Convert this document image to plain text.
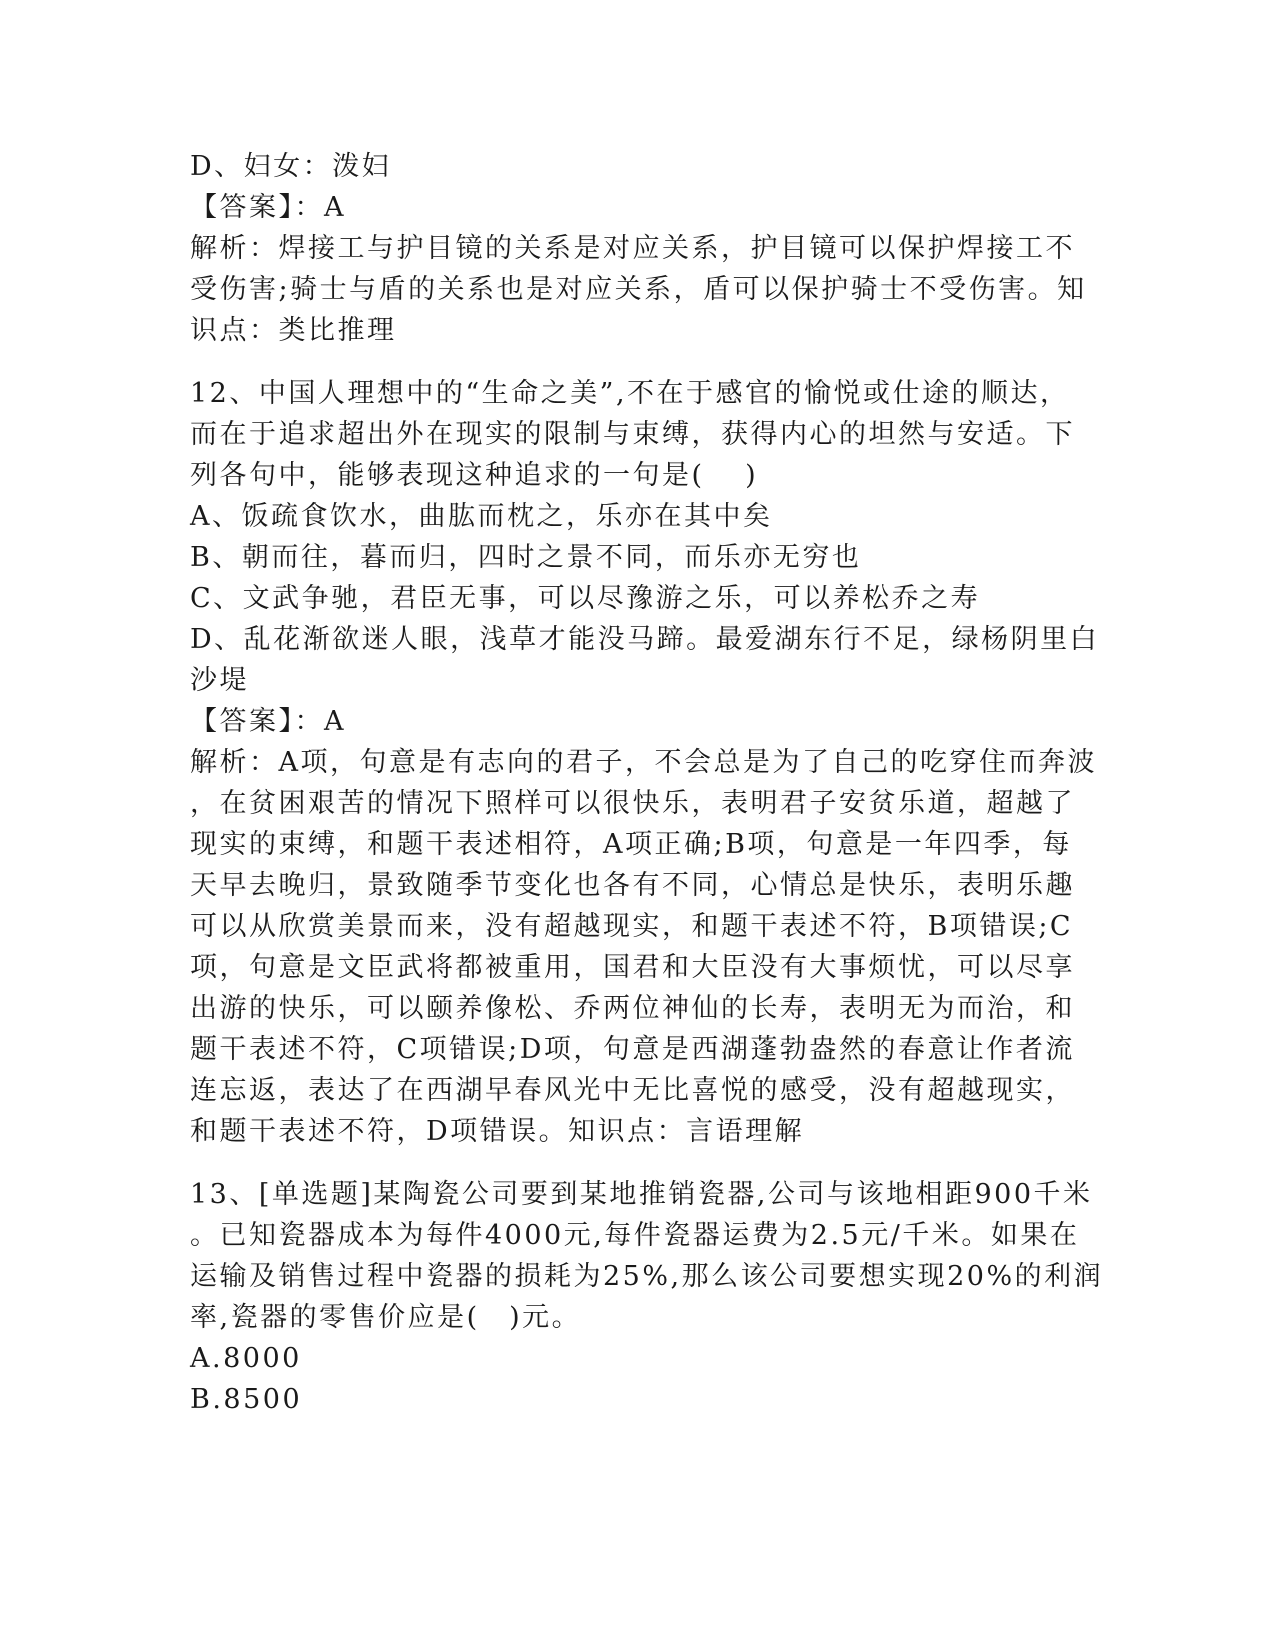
D、妇女：泼妇
【答案】：A
解析：焊接工与护目镜的关系是对应关系，护目镜可以保护焊接工不
受伤害;骑士与盾的关系也是对应关系，盾可以保护骑士不受伤害。知
识点：类比推理
12、中国人理想中的“生命之美”,不在于感官的愉悦或仕途的顺达，
而在于追求超出外在现实的限制与束缚，获得内心的坦然与安适。下
列各句中，能够表现这种追求的一句是(　 )
A、饭疏食饮水，曲肱而枕之，乐亦在其中矣
B、朝而往，暮而归，四时之景不同，而乐亦无穷也
C、文武争驰，君臣无事，可以尽豫游之乐，可以养松乔之寿
D、乱花渐欲迷人眼，浅草才能没马蹄。最爱湖东行不足，绿杨阴里白
沙堤
【答案】：A
解析：A项，句意是有志向的君子，不会总是为了自己的吃穿住而奔波
，在贫困艰苦的情况下照样可以很快乐，表明君子安贫乐道，超越了
现实的束缚，和题干表述相符，A项正确;B项，句意是一年四季，每
天早去晚归，景致随季节变化也各有不同，心情总是快乐，表明乐趣
可以从欣赏美景而来，没有超越现实，和题干表述不符，B项错误;C
项，句意是文臣武将都被重用，国君和大臣没有大事烦忧，可以尽享
出游的快乐，可以颐养像松、乔两位神仙的长寿，表明无为而治，和
题干表述不符，C项错误;D项，句意是西湖蓬勃盎然的春意让作者流
连忘返，表达了在西湖早春风光中无比喜悦的感受，没有超越现实，
和题干表述不符，D项错误。知识点：言语理解
13、[单选题]某陶瓷公司要到某地推销瓷器,公司与该地相距900千米
。已知瓷器成本为每件4000元,每件瓷器运费为2.5元/千米。如果在
运输及销售过程中瓷器的损耗为25%,那么该公司要想实现20%的利润
率,瓷器的零售价应是(　)元。
A.8000
B.8500
